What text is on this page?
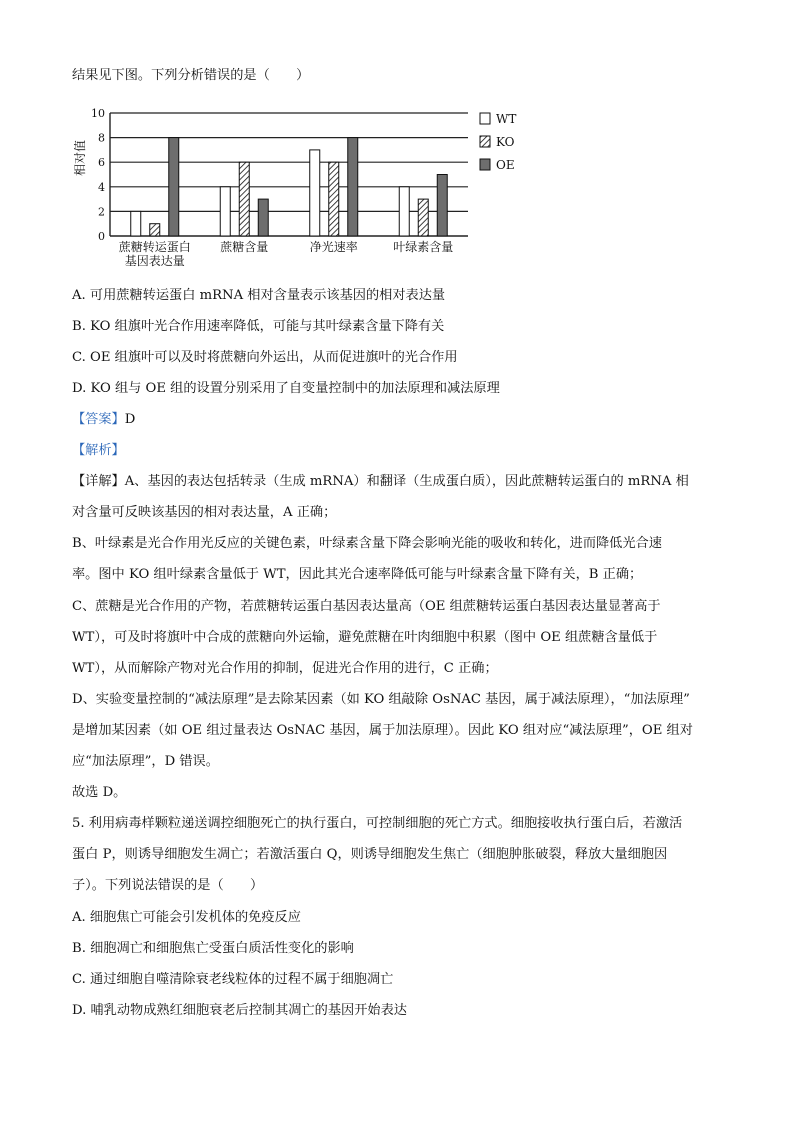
结果见下图。下列分析错误的是（　　）
0
2
4
6
8
10
蔗糖转运蛋白
基因表达量
蔗糖含量	净光速率	叶绿素含量
WT
KO
OE
相对值
A. 可用蔗糖转运蛋白 mRNA 相对含量表示该基因的相对表达量
B. KO 组旗叶光合作用速率降低，可能与其叶绿素含量下降有关
C. OE 组旗叶可以及时将蔗糖向外运出，从而促进旗叶的光合作用
D. KO 组与 OE 组的设置分别采用了自变量控制中的加法原理和减法原理
【答案】D
【解析】
【详解】A、基因的表达包括转录（生成 mRNA）和翻译（生成蛋白质），因此蔗糖转运蛋白的 mRNA 相
对含量可反映该基因的相对表达量，A 正确；
B、叶绿素是光合作用光反应的关键色素，叶绿素含量下降会影响光能的吸收和转化，进而降低光合速
率。图中 KO 组叶绿素含量低于 WT，因此其光合速率降低可能与叶绿素含量下降有关，B 正确；
C、蔗糖是光合作用的产物，若蔗糖转运蛋白基因表达量高（OE 组蔗糖转运蛋白基因表达量显著高于
WT），可及时将旗叶中合成的蔗糖向外运输，避免蔗糖在叶肉细胞中积累（图中 OE 组蔗糖含量低于
WT），从而解除产物对光合作用的抑制，促进光合作用的进行，C 正确；
D、实验变量控制的“减法原理”是去除某因素（如 KO 组敲除 OsNAC 基因，属于减法原理），“加法原理”
是增加某因素（如 OE 组过量表达 OsNAC 基因，属于加法原理）。因此 KO 组对应“减法原理”，OE 组对
应“加法原理”，D 错误。
故选 D。
5. 利用病毒样颗粒递送调控细胞死亡的执行蛋白，可控制细胞的死亡方式。细胞接收执行蛋白后，若激活
蛋白 P，则诱导细胞发生凋亡；若激活蛋白 Q，则诱导细胞发生焦亡（细胞肿胀破裂，释放大量细胞因
子）。下列说法错误的是（　　）
A. 细胞焦亡可能会引发机体的免疫反应
B. 细胞凋亡和细胞焦亡受蛋白质活性变化的影响
C. 通过细胞自噬清除衰老线粒体的过程不属于细胞凋亡
D. 哺乳动物成熟红细胞衰老后控制其凋亡的基因开始表达
